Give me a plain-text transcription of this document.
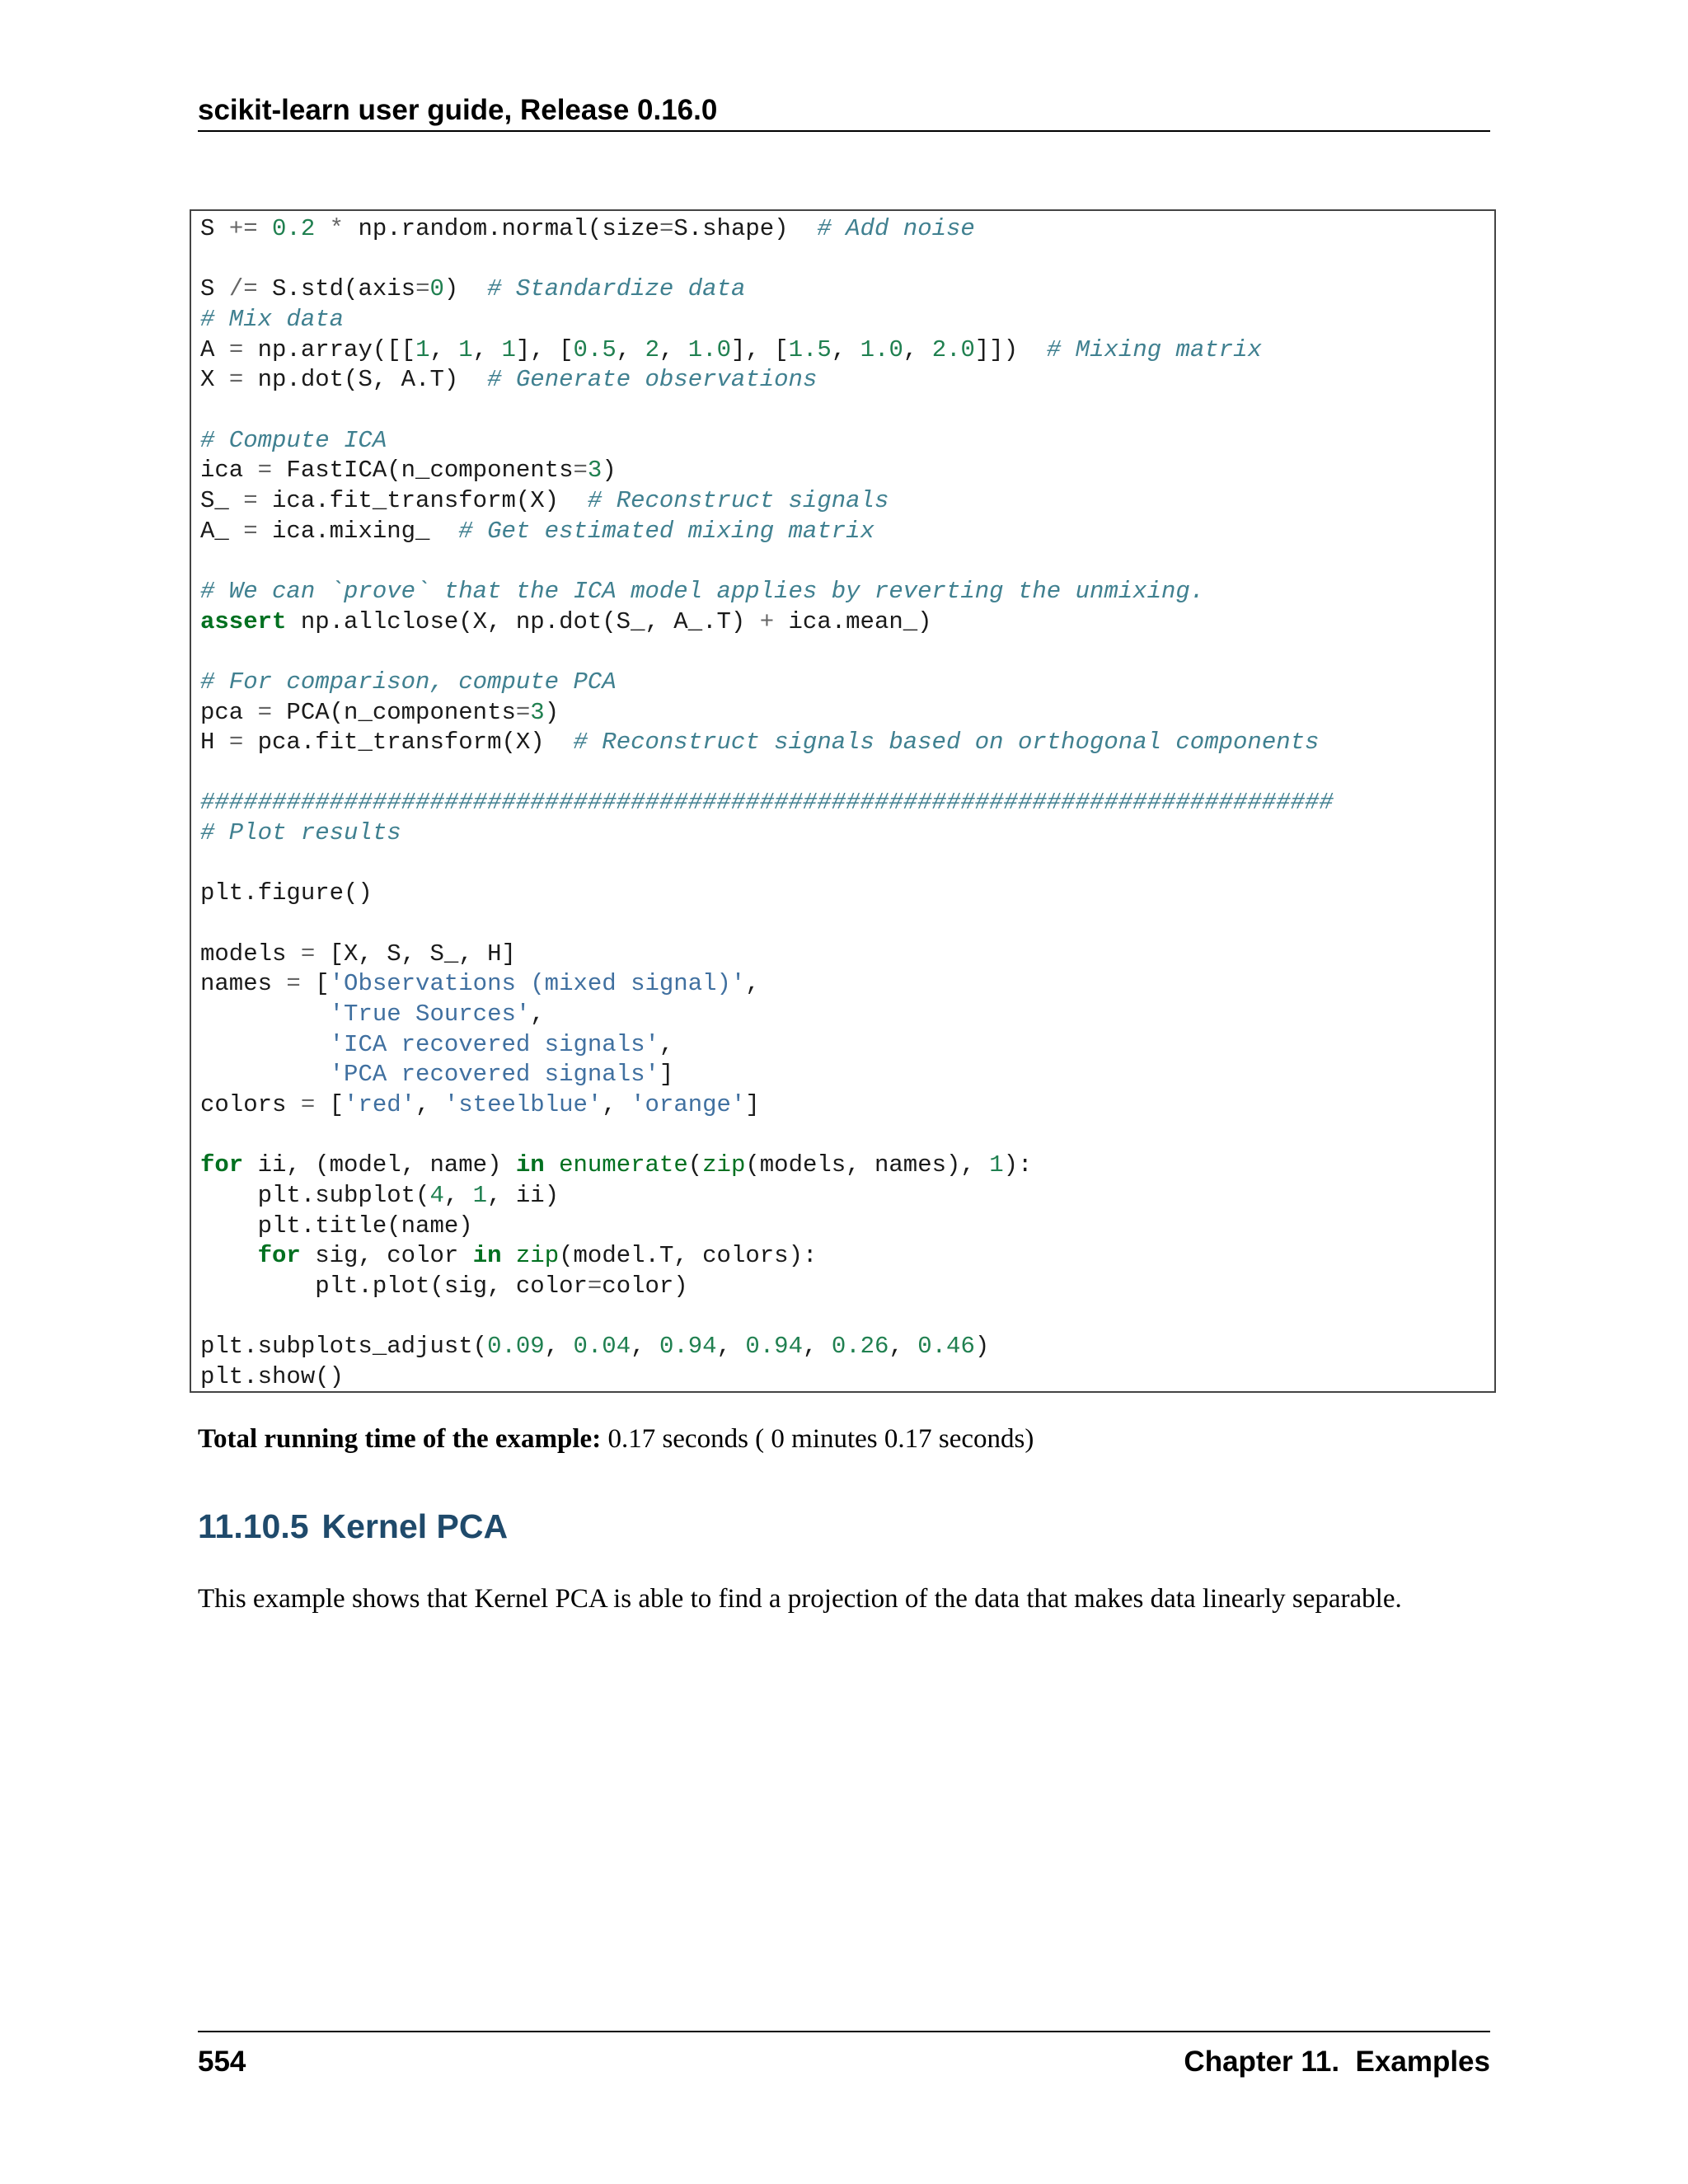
scikit-learn user guide, Release 0.16.0
S += 0.2 * np.random.normal(size=S.shape)  # Add noise
S /= S.std(axis=0)  # Standardize data
# Mix data
A = np.array([[1, 1, 1], [0.5, 2, 1.0], [1.5, 1.0, 2.0]])  # Mixing matrix
X = np.dot(S, A.T)  # Generate observations
# Compute ICA
ica = FastICA(n_components=3)
S_ = ica.fit_transform(X)  # Reconstruct signals
A_ = ica.mixing_  # Get estimated mixing matrix
# We can `prove` that the ICA model applies by reverting the unmixing.
assert np.allclose(X, np.dot(S_, A_.T) + ica.mean_)
# For comparison, compute PCA
pca = PCA(n_components=3)
H = pca.fit_transform(X)  # Reconstruct signals based on orthogonal components
###############################################################################
# Plot results
plt.figure()
models = [X, S, S_, H]
names = ['Observations (mixed signal)',
'True Sources',
'ICA recovered signals',
'PCA recovered signals']
colors = ['red', 'steelblue', 'orange']
for ii, (model, name) in enumerate(zip(models, names), 1):
plt.subplot(4, 1, ii)
plt.title(name)
for sig, color in zip(model.T, colors):
plt.plot(sig, color=color)
plt.subplots_adjust(0.09, 0.04, 0.94, 0.94, 0.26, 0.46)
plt.show()
Total running time of the example: 0.17 seconds ( 0 minutes 0.17 seconds)
11.10.5 Kernel PCA
This example shows that Kernel PCA is able to find a projection of the data that makes data linearly separable.
554	Chapter 11.  Examples
